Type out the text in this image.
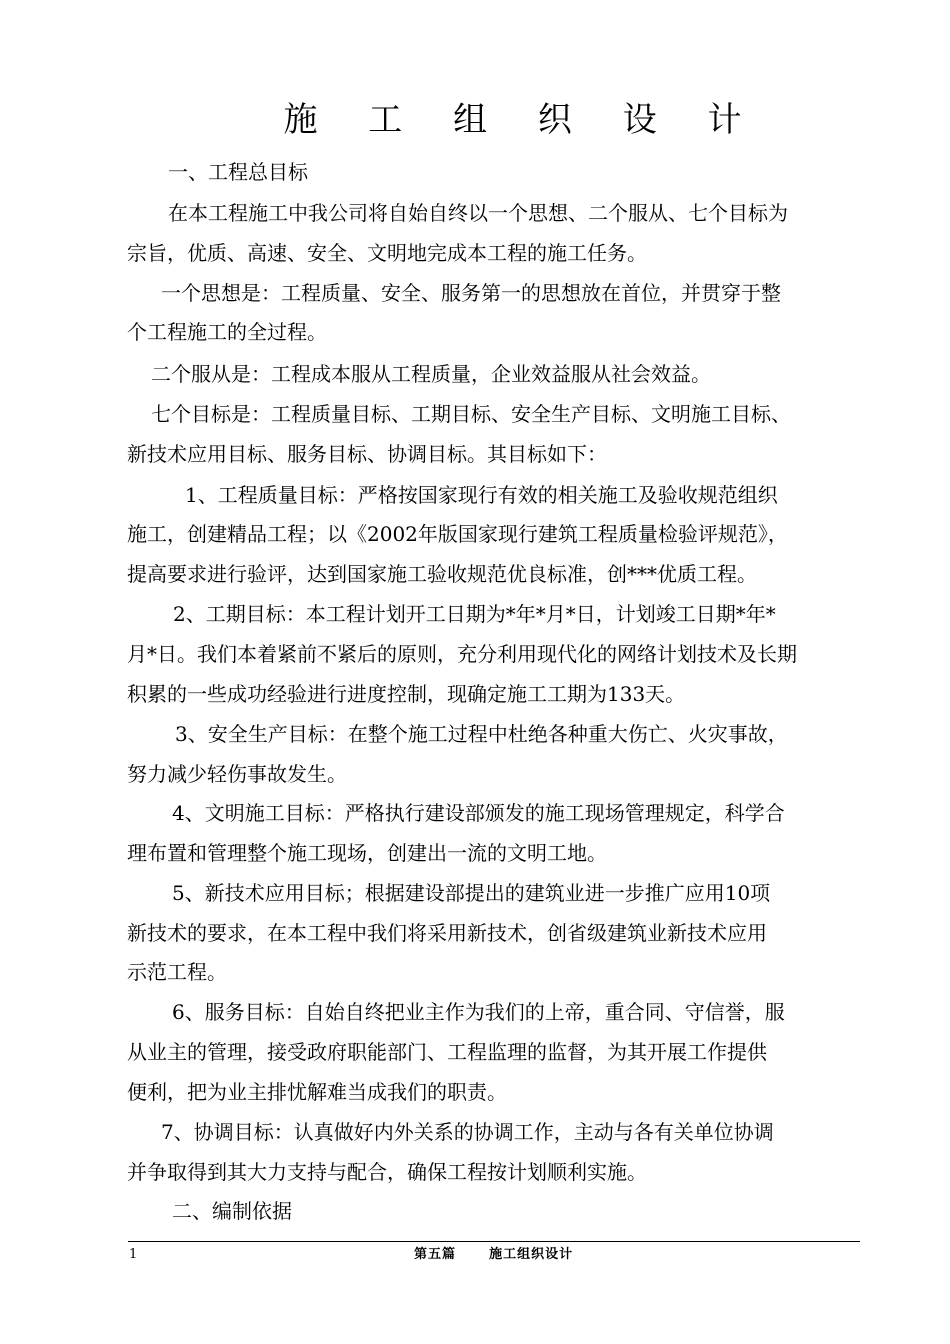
施 工 组 织 设 计
一、工程总目标
在本工程施工中我公司将自始自终以一个思想、二个服从、七个目标为
宗旨，优质、高速、安全、文明地完成本工程的施工任务。
一个思想是：工程质量、安全、服务第一的思想放在首位，并贯穿于整
个工程施工的全过程。
二个服从是：工程成本服从工程质量，企业效益服从社会效益。
七个目标是：工程质量目标、工期目标、安全生产目标、文明施工目标、
新技术应用目标、服务目标、协调目标。其目标如下：
1、工程质量目标：严格按国家现行有效的相关施工及验收规范组织
施工，创建精品工程；以《2002年版国家现行建筑工程质量检验评规范》，
提高要求进行验评，达到国家施工验收规范优良标准，创***优质工程。
2、工期目标：本工程计划开工日期为*年*月*日，计划竣工日期*年*
月*日。我们本着紧前不紧后的原则，充分利用现代化的网络计划技术及长期
积累的一些成功经验进行进度控制，现确定施工工期为133天。
3、安全生产目标：在整个施工过程中杜绝各种重大伤亡、火灾事故，
努力减少轻伤事故发生。
4、文明施工目标：严格执行建设部颁发的施工现场管理规定，科学合
理布置和管理整个施工现场，创建出一流的文明工地。
5、新技术应用目标；根据建设部提出的建筑业进一步推广应用10项
新技术的要求，在本工程中我们将采用新技术，创省级建筑业新技术应用
示范工程。
6、服务目标：自始自终把业主作为我们的上帝，重合同、守信誉，服
从业主的管理，接受政府职能部门、工程监理的监督，为其开展工作提供
便利，把为业主排忧解难当成我们的职责。
7、协调目标：认真做好内外关系的协调工作，主动与各有关单位协调
并争取得到其大力支持与配合，确保工程按计划顺利实施。
二、编制依据
1	第五篇      施工组织设计
